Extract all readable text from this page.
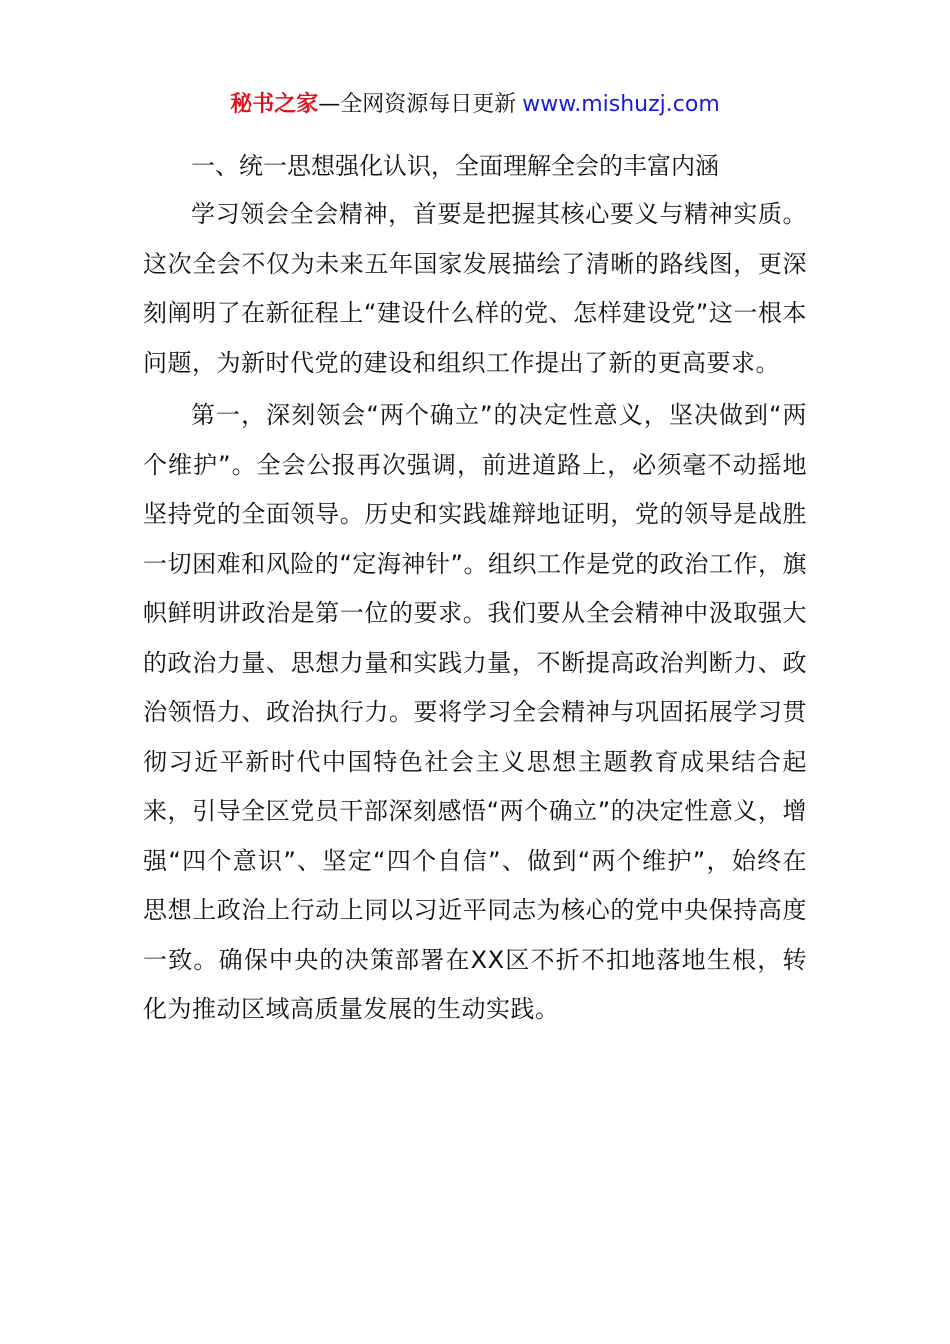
秘书之家—全网资源每日更新 www.mishuzj.com
一、统一思想强化认识，全面理解全会的丰富内涵

学习领会全会精神，首要是把握其核心要义与精神实质。这次全会不仅为未来五年国家发展描绘了清晰的路线图，更深刻阐明了在新征程上“建设什么样的党、怎样建设党”这一根本问题，为新时代党的建设和组织工作提出了新的更高要求。

第一，深刻领会“两个确立”的决定性意义，坚决做到“两个维护”。全会公报再次强调，前进道路上，必须毫不动摇地坚持党的全面领导。历史和实践雄辩地证明，党的领导是战胜一切困难和风险的“定海神针”。组织工作是党的政治工作，旗帜鲜明讲政治是第一位的要求。我们要从全会精神中汲取强大的政治力量、思想力量和实践力量，不断提高政治判断力、政治领悟力、政治执行力。要将学习全会精神与巩固拓展学习贯彻习近平新时代中国特色社会主义思想主题教育成果结合起来，引导全区党员干部深刻感悟“两个确立”的决定性意义，增强“四个意识”、坚定“四个自信”、做到“两个维护”，始终在思想上政治上行动上同以习近平同志为核心的党中央保持高度一致。确保中央的决策部署在XX区不折不扣地落地生根，转化为推动区域高质量发展的生动实践。
